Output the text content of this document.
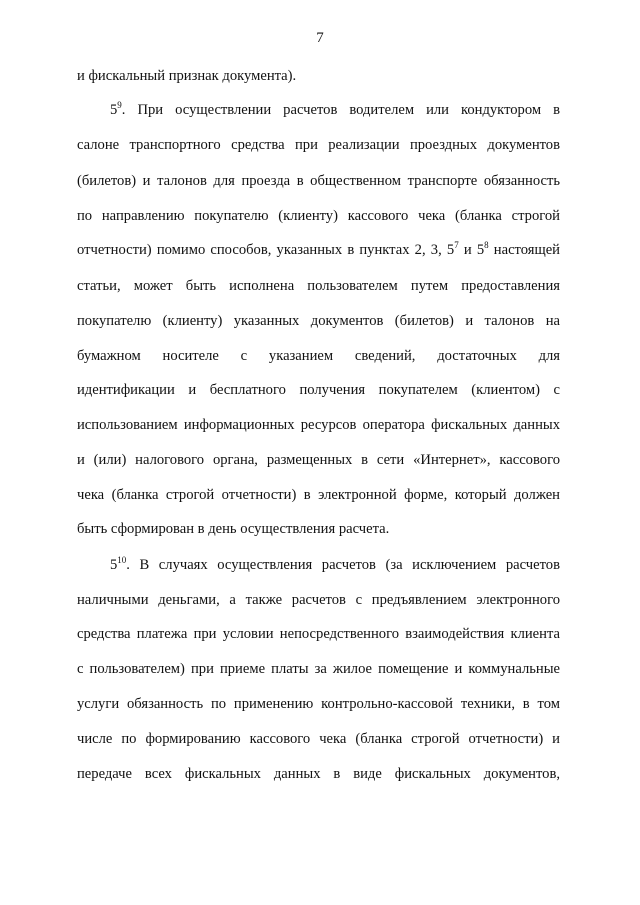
7
и фискальный признак документа).
$5^9$. При осуществлении расчетов водителем или кондуктором в
салоне транспортного средства при реализации проездных документов
(билетов) и талонов для проезда в общественном транспорте обязанность
по направлению покупателю (клиенту) кассового чека (бланка строгой
отчетности) помимо способов, указанных в пунктах 2, 3, $5^7$ и $5^8$ настоящей
статьи, может быть исполнена пользователем путем предоставления
покупателю (клиенту) указанных документов (билетов) и талонов на
бумажном носителе с указанием сведений, достаточных для
идентификации и бесплатного получения покупателем (клиентом) с
использованием информационных ресурсов оператора фискальных данных
и (или) налогового органа, размещенных в сети «Интернет», кассового
чека (бланка строгой отчетности) в электронной форме, который должен
быть сформирован в день осуществления расчета.
$5^{10}$. В случаях осуществления расчетов (за исключением расчетов
наличными деньгами, а также расчетов с предъявлением электронного
средства платежа при условии непосредственного взаимодействия клиента
с пользователем) при приеме платы за жилое помещение и коммунальные
услуги обязанность по применению контрольно-кассовой техники, в том
числе по формированию кассового чека (бланка строгой отчетности) и
передаче всех фискальных данных в виде фискальных документов,
